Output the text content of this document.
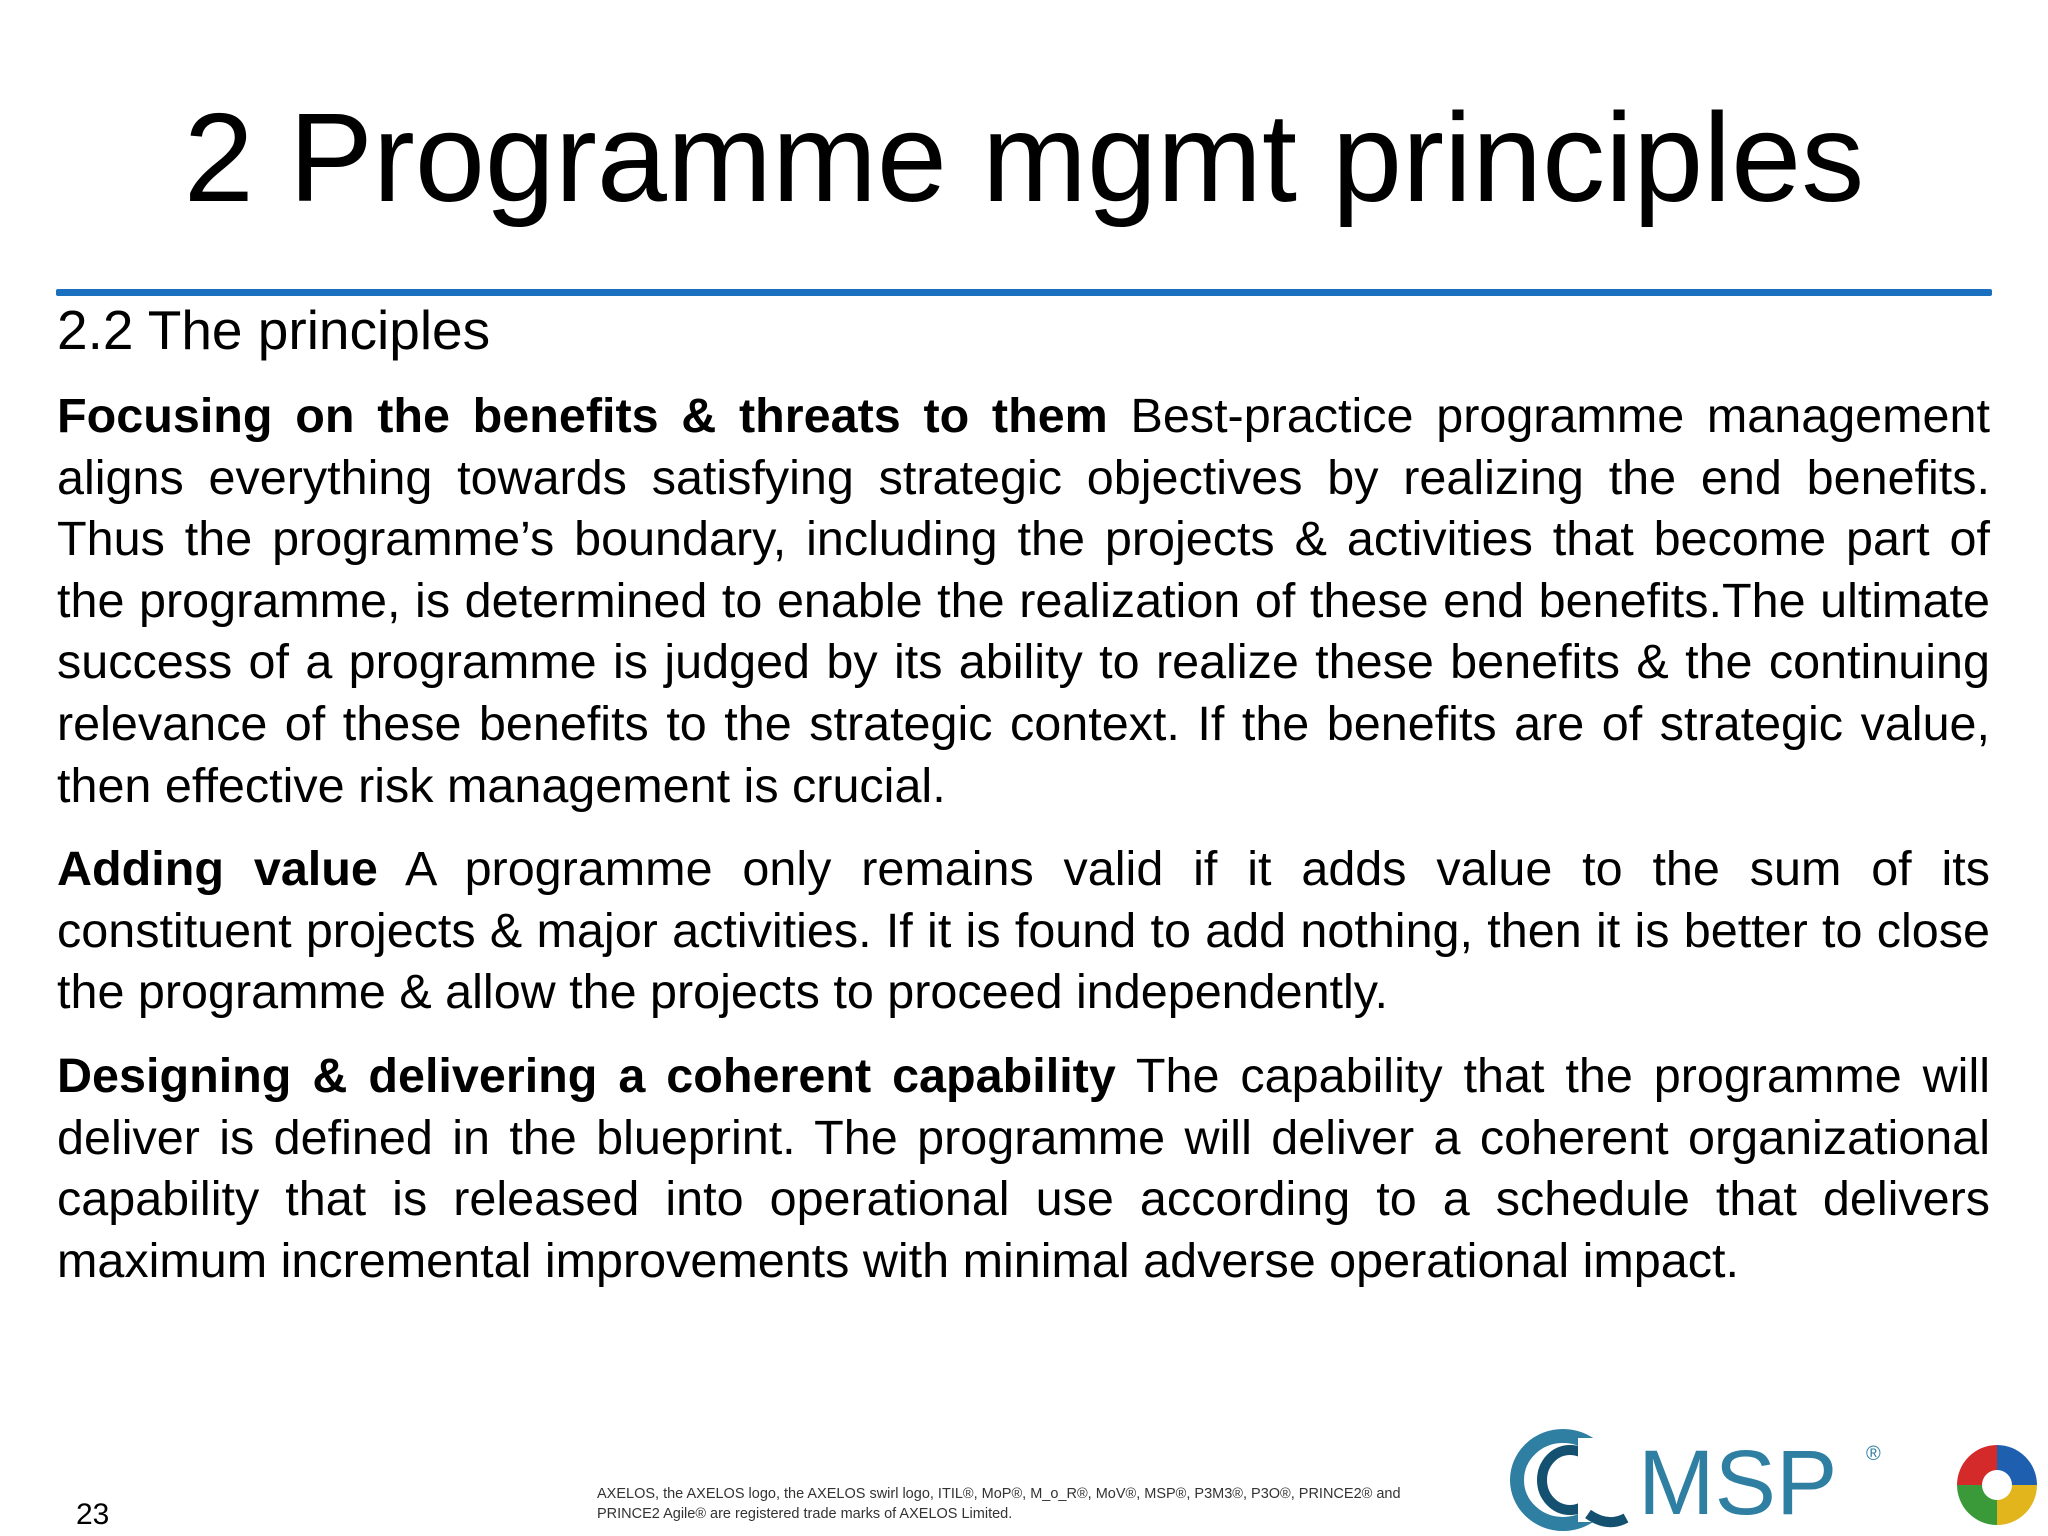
2 Programme mgmt principles
2.2 The principles

Focusing on the benefits & threats to them Best-practice programme management aligns everything towards satisfying strategic objectives by realizing the end benefits. Thus the programme’s boundary, including the projects & activities that become part of the programme, is determined to enable the realization of these end benefits.The ultimate success of a programme is judged by its ability to realize these benefits & the continuing relevance of these benefits to the strategic context. If the benefits are of strategic value, then effective risk management is crucial.

Adding value A programme only remains valid if it adds value to the sum of its constituent projects & major activities. If it is found to add nothing, then it is better to close the programme & allow the projects to proceed independently.

Designing & delivering a coherent capability The capability that the programme will deliver is defined in the blueprint. The programme will deliver a coherent organizational capability that is released into operational use according to a schedule that delivers maximum incremental improvements with minimal adverse operational impact.

23
AXELOS, the AXELOS logo, the AXELOS swirl logo, ITIL®, MoP®, M_o_R®, MoV®, MSP®, P3M3®, P3O®, PRINCE2® and
PRINCE2 Agile® are registered trade marks of AXELOS Limited.	MSP ®
